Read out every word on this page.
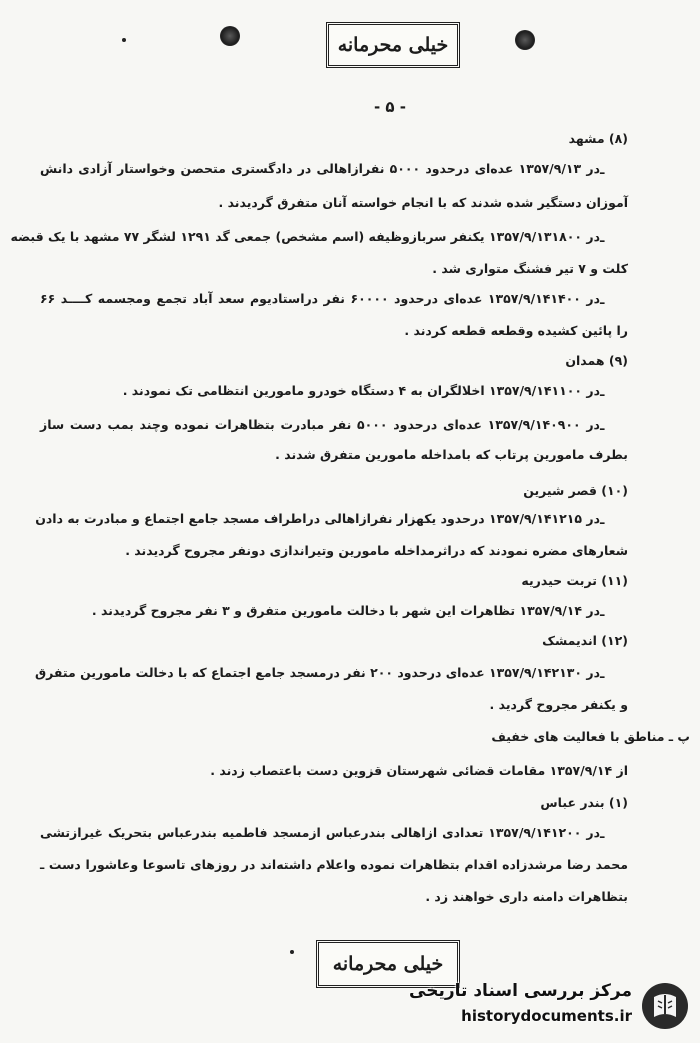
خیلی محرمانه
- ۵ -
(۸) مشهد
ـ
در ۱۳۵۷/۹/۱۳ عده‌ای درحدود ۵۰۰۰ نفرازاهالی در دادگستری متحصن وخواستار آزادی دانش
آموزان دستگیر شده شدند که با انجام خواسته آنان متفرق گردیدند .
ـ
در ۱۳۵۷/۹/۱۳۱۸۰۰ یکنفر سربازوظیفه (اسم مشخص) جمعی گد ۱۲۹۱ لشگر ۷۷ مشهد با یک قبضه
کلت و ۷ تیر فشنگ متواری شد .
ـ
در ۱۳۵۷/۹/۱۴۱۴۰۰ عده‌ای درحدود ۶۰۰۰۰ نفر دراستادیوم سعد آباد تجمع ومجسمه کــــد ۶۶
را پائین کشیده وقطعه قطعه کردند .
(۹) همدان
ـ
در ۱۳۵۷/۹/۱۴۱۱۰۰ اخلالگران به ۴ دستگاه خودرو مامورین انتظامی تک نمودند .
ـ
در ۱۳۵۷/۹/۱۴۰۹۰۰ عده‌ای درحدود ۵۰۰۰ نفر مبادرت بتظاهرات نموده وچند بمب دست ساز
بطرف مامورین پرتاب که بامداخله مامورین متفرق شدند .
(۱۰) قصر شیرین
ـ
در ۱۳۵۷/۹/۱۴۱۲۱۵ درحدود یکهزار نفرازاهالی دراطراف مسجد جامع اجتماع و مبادرت به دادن
شعارهای مضره نمودند که دراثرمداخله مامورین وتیراندازی دونفر مجروح گردیدند .
(۱۱) تربت حیدریه
ـ
در ۱۳۵۷/۹/۱۴ تظاهرات این شهر با دخالت مامورین متفرق و ۳ نفر مجروح گردیدند .
(۱۲) اندیمشک
ـ
در ۱۳۵۷/۹/۱۴۲۱۳۰ عده‌ای درحدود ۲۰۰ نفر درمسجد جامع اجتماع که با دخالت مامورین متفرق
و یکنفر مجروح گردید .
پ ـ مناطق با فعالیت های خفیف
از ۱۳۵۷/۹/۱۴ مقامات قضائی شهرستان قزوین دست باعتصاب زدند .
(۱) بندر عباس
ـ
در ۱۳۵۷/۹/۱۴۱۲۰۰ تعدادی ازاهالی بندرعباس ازمسجد فاطمیه بندرعباس بتحریک غیرازتشی
محمد رضا مرشدزاده اقدام بتظاهرات نموده واعلام داشته‌اند در روزهای تاسوعا وعاشورا دست ـ
بتظاهرات دامنه داری خواهند زد .
خیلی محرمانه
مرکز بررسی اسناد تاریخی
historydocuments.ir
